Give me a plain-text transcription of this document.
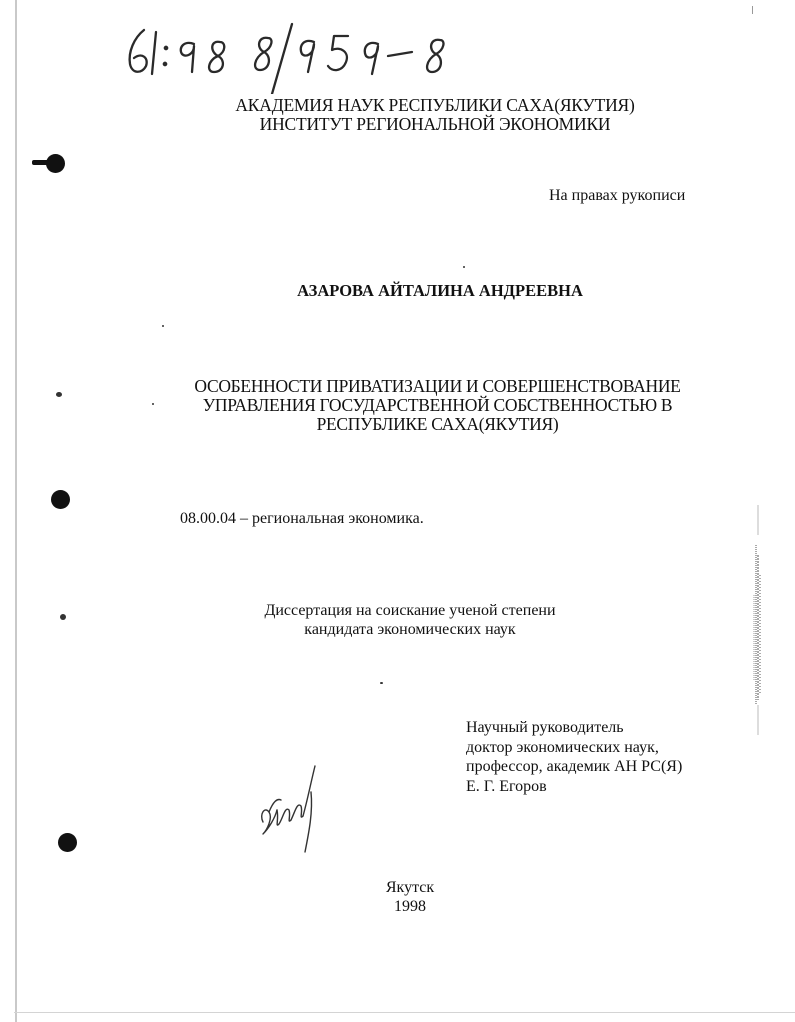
АКАДЕМИЯ НАУК РЕСПУБЛИКИ САХА(ЯКУТИЯ)
ИНСТИТУТ РЕГИОНАЛЬНОЙ ЭКОНОМИКИ

На правах рукописи

АЗАРОВА АЙТАЛИНА АНДРЕЕВНА

ОСОБЕННОСТИ ПРИВАТИЗАЦИИ И СОВЕРШЕНСТВОВАНИЕ
УПРАВЛЕНИЯ ГОСУДАРСТВЕННОЙ СОБСТВЕННОСТЬЮ В
РЕСПУБЛИКЕ САХА(ЯКУТИЯ)

08.00.04 – региональная экономика.

Диссертация на соискание ученой степени
кандидата экономических наук

Научный руководитель
доктор экономических наук,
профессор, академик АН РС(Я)
Е. Г. Егоров

Якутск
1998
